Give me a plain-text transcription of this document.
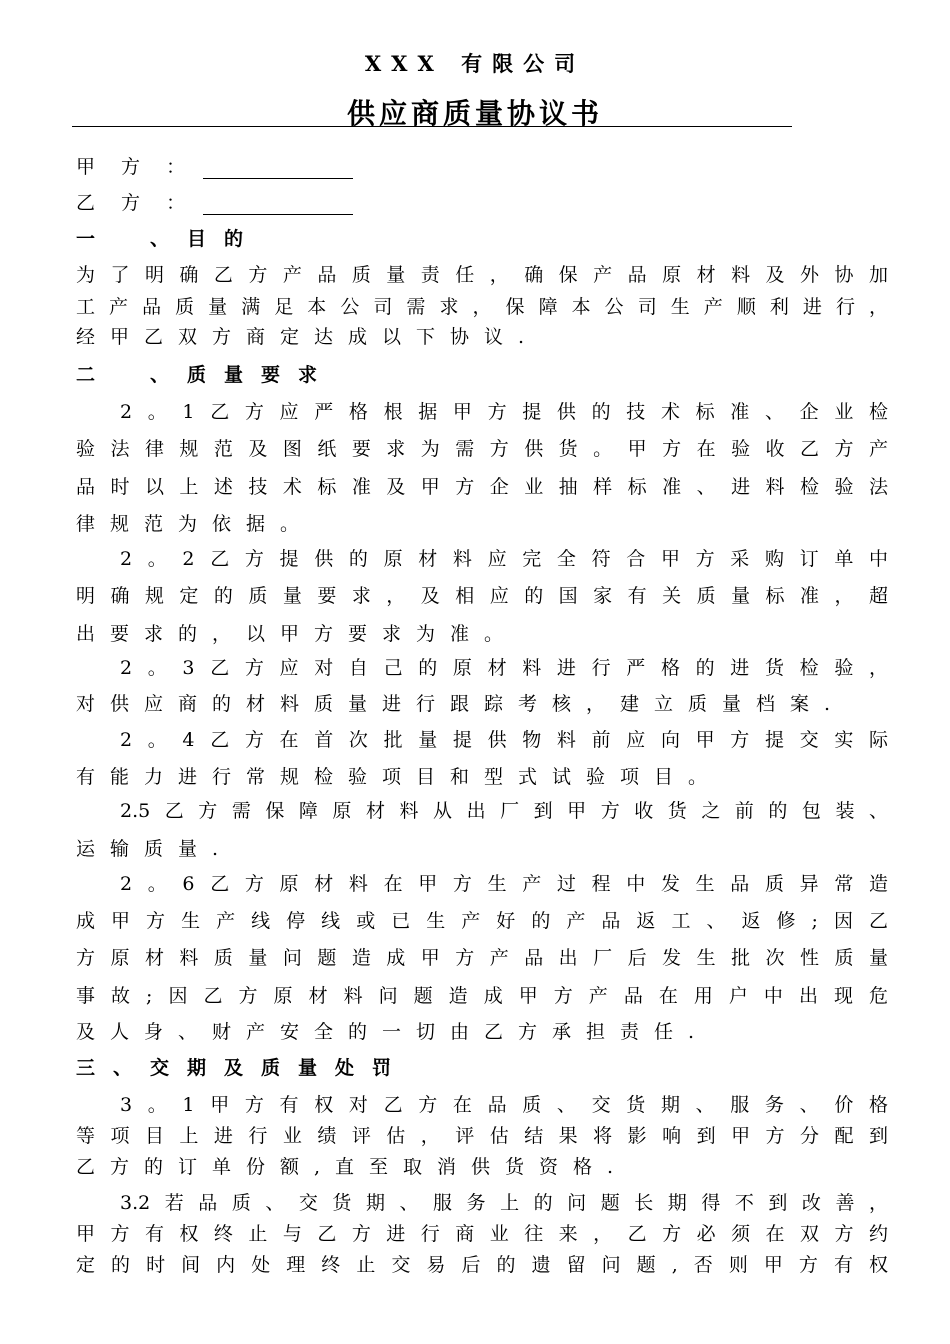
XXX 有限公司
供应商质量协议书
甲 方 ：
乙 方 ：
一　、目的
为了明确乙方产品质量责任，确保产品原材料及外协加
工产品质量满足本公司需求，保障本公司生产顺利进行，
经甲乙双方商定达成以下协议.
二　、质量要求
2。1乙方应严格根据甲方提供的技术标准、企业检
验法律规范及图纸要求为需方供货。甲方在验收乙方产
品时以上述技术标准及甲方企业抽样标准、进料检验法
律规范为依据。
2。2乙方提供的原材料应完全符合甲方采购订单中
明确规定的质量要求，及相应的国家有关质量标准，超
出要求的，以甲方要求为准。
2。3乙方应对自己的原材料进行严格的进货检验，
对供应商的材料质量进行跟踪考核，建立质量档案.
2。4乙方在首次批量提供物料前应向甲方提交实际
有能力进行常规检验项目和型式试验项目。
2.5乙方需保障原材料从出厂到甲方收货之前的包装、
运输质量.
2。6乙方原材料在甲方生产过程中发生品质异常造
成甲方生产线停线或已生产好的产品返工、返修;因乙
方原材料质量问题造成甲方产品出厂后发生批次性质量
事故;因乙方原材料问题造成甲方产品在用户中出现危
及人身、财产安全的一切由乙方承担责任.
三、交期及质量处罚
3。1甲方有权对乙方在品质、交货期、服务、价格
等项目上进行业绩评估，评估结果将影响到甲方分配到
乙方的订单份额,直至取消供货资格.
3.2若品质、交货期、服务上的问题长期得不到改善，
甲方有权终止与乙方进行商业往来，乙方必须在双方约
定的时间内处理终止交易后的遗留问题,否则甲方有权
